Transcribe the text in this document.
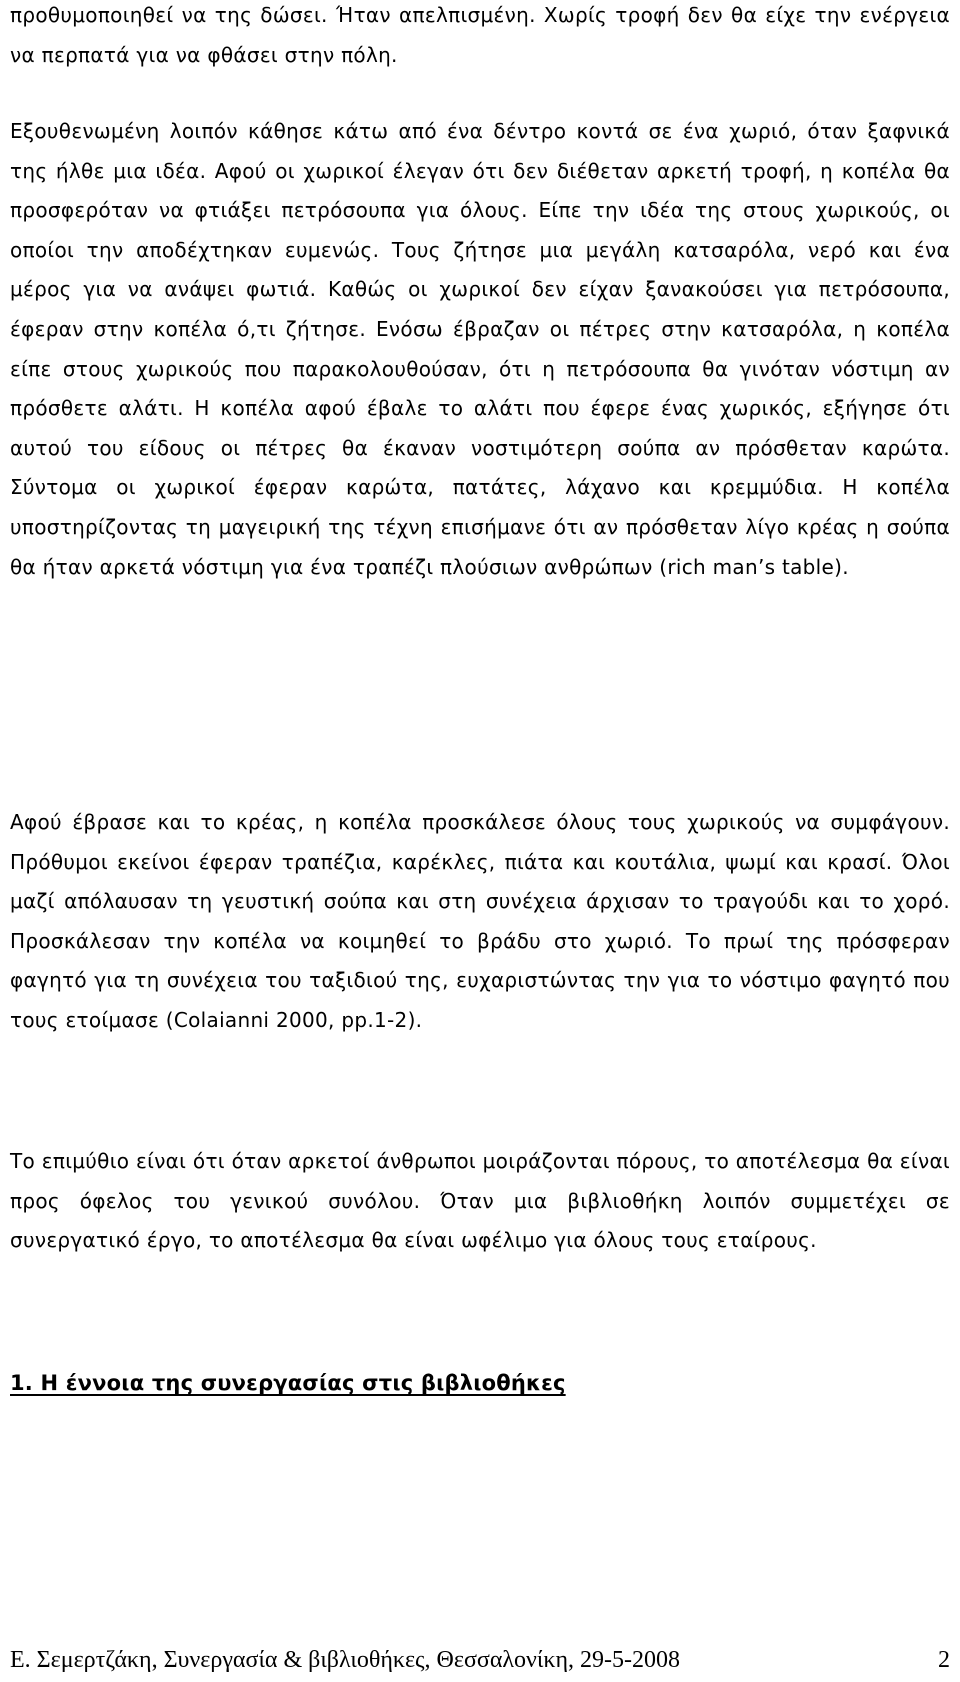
προθυμοποιηθεί να της δώσει. Ήταν απελπισμένη. Χωρίς τροφή δεν θα είχε την ενέργεια να περπατά για να φθάσει στην πόλη.

Εξουθενωμένη λοιπόν κάθησε κάτω από ένα δέντρο κοντά σε ένα χωριό, όταν ξαφνικά της ήλθε μια ιδέα. Αφού οι χωρικοί έλεγαν ότι δεν διέθεταν αρκετή τροφή, η κοπέλα θα προσφερόταν να φτιάξει πετρόσουπα για όλους. Είπε την ιδέα της στους χωρικούς, οι οποίοι την αποδέχτηκαν ευμενώς. Τους ζήτησε μια μεγάλη κατσαρόλα, νερό και ένα μέρος για να ανάψει φωτιά. Καθώς οι χωρικοί δεν είχαν ξανακούσει για πετρόσουπα, έφεραν στην κοπέλα ό,τι ζήτησε. Ενόσω έβραζαν οι πέτρες στην κατσαρόλα, η κοπέλα είπε στους χωρικούς που παρακολουθούσαν, ότι η πετρόσουπα θα γινόταν νόστιμη αν πρόσθετε αλάτι. Η κοπέλα αφού έβαλε το αλάτι που έφερε ένας χωρικός, εξήγησε ότι αυτού του είδους οι πέτρες θα έκαναν νοστιμότερη σούπα αν πρόσθεταν καρώτα. Σύντομα οι χωρικοί έφεραν καρώτα, πατάτες, λάχανο και κρεμμύδια. Η κοπέλα υποστηρίζοντας τη μαγειρική της τέχνη επισήμανε ότι αν πρόσθεταν λίγο κρέας η σούπα θα ήταν αρκετά νόστιμη για ένα τραπέζι πλούσιων ανθρώπων (rich man’s table).

Αφού έβρασε και το κρέας, η κοπέλα προσκάλεσε όλους τους χωρικούς να συμφάγουν. Πρόθυμοι εκείνοι έφεραν τραπέζια, καρέκλες, πιάτα και κουτάλια, ψωμί και κρασί. Όλοι μαζί απόλαυσαν τη γευστική σούπα και στη συνέχεια άρχισαν το τραγούδι και το χορό. Προσκάλεσαν την κοπέλα να κοιμηθεί το βράδυ στο χωριό. Το πρωί της πρόσφεραν φαγητό για τη συνέχεια του ταξιδιού της, ευχαριστώντας την για το νόστιμο φαγητό που τους ετοίμασε (Colaianni 2000, pp.1-2).

Το επιμύθιο είναι ότι όταν αρκετοί άνθρωποι μοιράζονται πόρους, το αποτέλεσμα θα είναι προς όφελος του γενικού συνόλου. Όταν μια βιβλιοθήκη λοιπόν συμμετέχει σε συνεργατικό έργο, το αποτέλεσμα θα είναι ωφέλιμο για όλους τους εταίρους.

1. Η έννοια της συνεργασίας στις βιβλιοθήκες
Ε. Σεμερτζάκη, Συνεργασία & βιβλιοθήκες, Θεσσαλονίκη, 29-5-2008	2
